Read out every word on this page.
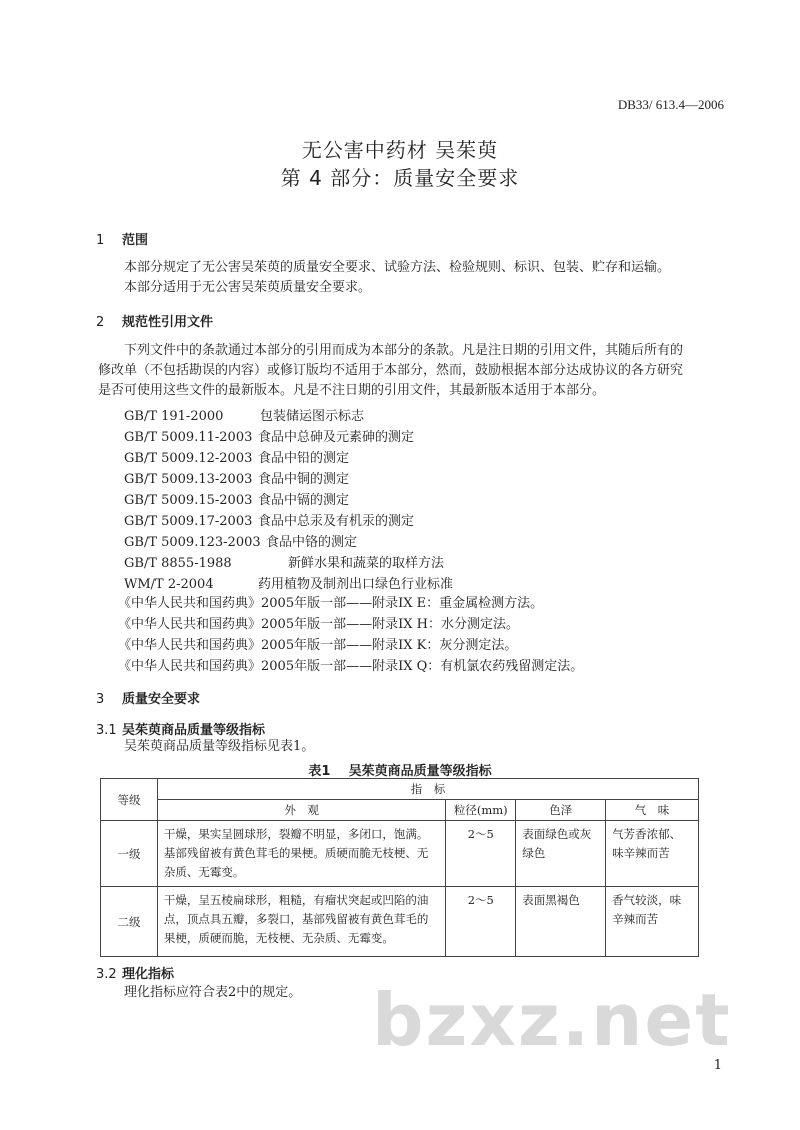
DB33/ 613.4—2006
无公害中药材 吴茱萸
第 4 部分：质量安全要求
1 范围
本部分规定了无公害吴茱萸的质量安全要求、试验方法、检验规则、标识、包装、贮存和运输。
本部分适用于无公害吴茱萸质量安全要求。
2 规范性引用文件
下列文件中的条款通过本部分的引用而成为本部分的条款。凡是注日期的引用文件，其随后所有的
修改单（不包括勘误的内容）或修订版均不适用于本部分，然而，鼓励根据本部分达成协议的各方研究
是否可使用这些文件的最新版本。凡是不注日期的引用文件，其最新版本适用于本部分。
GB/T 191-2000	包装储运图示标志
GB/T 5009.11-2003 食品中总砷及元素砷的测定
GB/T 5009.12-2003 食品中铅的测定
GB/T 5009.13-2003 食品中铜的测定
GB/T 5009.15-2003 食品中镉的测定
GB/T 5009.17-2003 食品中总汞及有机汞的测定
GB/T 5009.123-2003 食品中铬的测定
GB/T 8855-1988	新鲜水果和蔬菜的取样方法
WM/T 2-2004	药用植物及制剂出口绿色行业标准
《中华人民共和国药典》2005年版一部——附录IX E：重金属检测方法。
《中华人民共和国药典》2005年版一部——附录IX H：水分测定法。
《中华人民共和国药典》2005年版一部——附录IX K：灰分测定法。
《中华人民共和国药典》2005年版一部——附录IX Q：有机氯农药残留测定法。
3 质量安全要求
3.1 吴茱萸商品质量等级指标
吴茱萸商品质量等级指标见表1。
表1 吴茱萸商品质量等级指标
等级	指　标			
	外　观	粒径(mm)	色泽	气　味
一级	干燥，果实呈圆球形，裂瓣不明显，多闭口，饱满。基部残留被有黄色茸毛的果梗。质硬而脆无枝梗、无杂质、无霉变。	2～5	表面绿色或灰绿色	气芳香浓郁、味辛辣而苦
二级	干燥，呈五棱扁球形，粗糙，有瘤状突起或凹陷的油点，顶点具五瓣，多裂口，基部残留被有黄色茸毛的果梗，质硬而脆，无枝梗、无杂质、无霉变。	2～5	表面黑褐色	香气较淡，味辛辣而苦
3.2 理化指标
理化指标应符合表2中的规定。 bzxz.net
1
